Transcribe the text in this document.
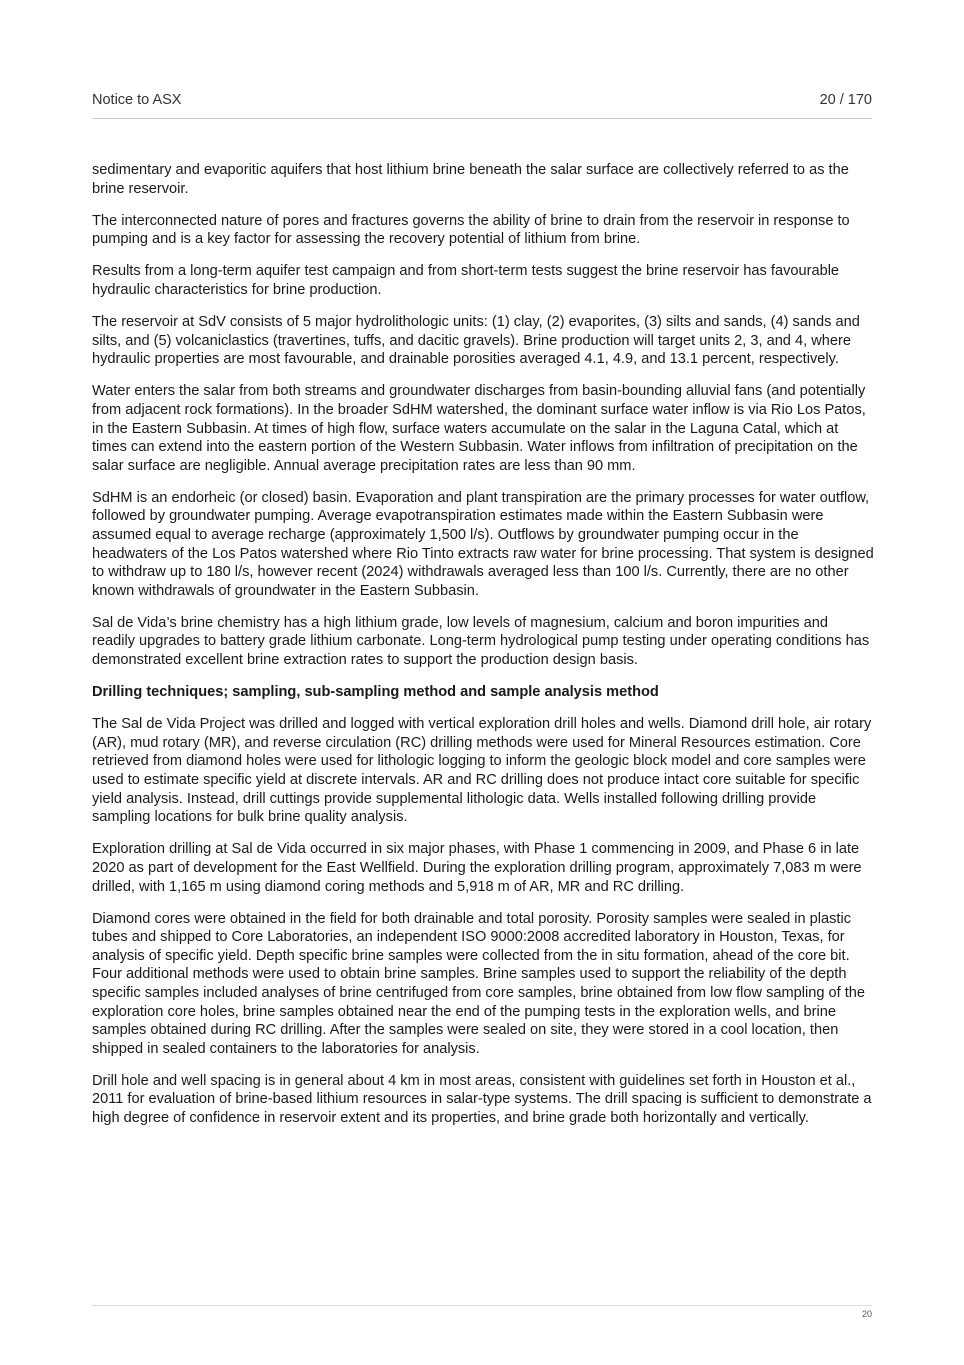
Notice to ASX	20 / 170

sedimentary and evaporitic aquifers that host lithium brine beneath the salar surface are collectively referred to as the brine reservoir.

The interconnected nature of pores and fractures governs the ability of brine to drain from the reservoir in response to pumping and is a key factor for assessing the recovery potential of lithium from brine.

Results from a long-term aquifer test campaign and from short-term tests suggest the brine reservoir has favourable hydraulic characteristics for brine production.

The reservoir at SdV consists of 5 major hydrolithologic units: (1) clay, (2) evaporites, (3) silts and sands, (4) sands and silts, and (5) volcaniclastics (travertines, tuffs, and dacitic gravels). Brine production will target units 2, 3, and 4, where hydraulic properties are most favourable, and drainable porosities averaged 4.1, 4.9, and 13.1 percent, respectively.

Water enters the salar from both streams and groundwater discharges from basin-bounding alluvial fans (and potentially from adjacent rock formations). In the broader SdHM watershed, the dominant surface water inflow is via Rio Los Patos, in the Eastern Subbasin. At times of high flow, surface waters accumulate on the salar in the Laguna Catal, which at times can extend into the eastern portion of the Western Subbasin. Water inflows from infiltration of precipitation on the salar surface are negligible. Annual average precipitation rates are less than 90 mm.

SdHM is an endorheic (or closed) basin. Evaporation and plant transpiration are the primary processes for water outflow, followed by groundwater pumping. Average evapotranspiration estimates made within the Eastern Subbasin were assumed equal to average recharge (approximately 1,500 l/s). Outflows by groundwater pumping occur in the headwaters of the Los Patos watershed where Rio Tinto extracts raw water for brine processing. That system is designed to withdraw up to 180 l/s, however recent (2024) withdrawals averaged less than 100 l/s. Currently, there are no other known withdrawals of groundwater in the Eastern Subbasin.

Sal de Vida’s brine chemistry has a high lithium grade, low levels of magnesium, calcium and boron impurities and readily upgrades to battery grade lithium carbonate. Long-term hydrological pump testing under operating conditions has demonstrated excellent brine extraction rates to support the production design basis.

Drilling techniques; sampling, sub-sampling method and sample analysis method

The Sal de Vida Project was drilled and logged with vertical exploration drill holes and wells. Diamond drill hole, air rotary (AR), mud rotary (MR), and reverse circulation (RC) drilling methods were used for Mineral Resources estimation. Core retrieved from diamond holes were used for lithologic logging to inform the geologic block model and core samples were used to estimate specific yield at discrete intervals. AR and RC drilling does not produce intact core suitable for specific yield analysis. Instead, drill cuttings provide supplemental lithologic data. Wells installed following drilling provide sampling locations for bulk brine quality analysis.

Exploration drilling at Sal de Vida occurred in six major phases, with Phase 1 commencing in 2009, and Phase 6 in late 2020 as part of development for the East Wellfield. During the exploration drilling program, approximately 7,083 m were drilled, with 1,165 m using diamond coring methods and 5,918 m of AR, MR and RC drilling.

Diamond cores were obtained in the field for both drainable and total porosity. Porosity samples were sealed in plastic tubes and shipped to Core Laboratories, an independent ISO 9000:2008 accredited laboratory in Houston, Texas, for analysis of specific yield. Depth specific brine samples were collected from the in situ formation, ahead of the core bit. Four additional methods were used to obtain brine samples. Brine samples used to support the reliability of the depth specific samples included analyses of brine centrifuged from core samples, brine obtained from low flow sampling of the exploration core holes, brine samples obtained near the end of the pumping tests in the exploration wells, and brine samples obtained during RC drilling. After the samples were sealed on site, they were stored in a cool location, then shipped in sealed containers to the laboratories for analysis.

Drill hole and well spacing is in general about 4 km in most areas, consistent with guidelines set forth in Houston et al., 2011 for evaluation of brine-based lithium resources in salar-type systems. The drill spacing is sufficient to demonstrate a high degree of confidence in reservoir extent and its properties, and brine grade both horizontally and vertically.

20
